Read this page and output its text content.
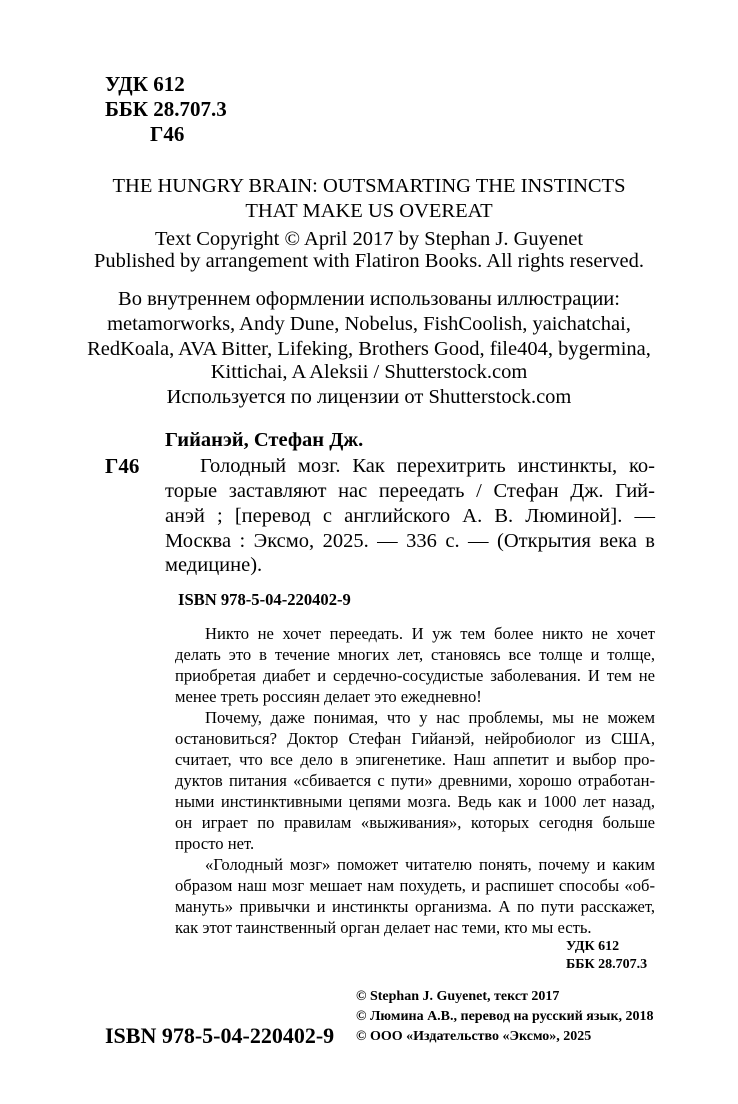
УДК 612
ББК 28.707.3
Г46
THE HUNGRY BRAIN: OUTSMARTING THE INSTINCTS
THAT MAKE US OVEREAT
Text Copyright © April 2017 by Stephan J. Guyenet
Published by arrangement with Flatiron Books. All rights reserved.
Во внутреннем оформлении использованы иллюстрации:
metamorworks, Andy Dune, Nobelus, FishCoolish, yaichatchai,
RedKoala, AVA Bitter, Lifeking, Brothers Good, file404, bygermina,
Kittichai, A Aleksii / Shutterstock.com
Используется по лицензии от Shutterstock.com
Гийанэй, Стефан Дж.
Г46	Голодный мозг. Как перехитрить инстинкты, ко-
торые заставляют нас переедать / Стефан Дж. Гий-
анэй ; [перевод с английского А. В. Люминой]. —
Москва : Эксмо, 2025. — 336 с. — (Открытия века в
медицине).
ISBN 978-5-04-220402-9
Никто не хочет переедать. И уж тем более никто не хочет
делать это в течение многих лет, становясь все толще и толще,
приобретая диабет и сердечно-сосудистые заболевания. И тем не
менее треть россиян делает это ежедневно!
Почему, даже понимая, что у нас проблемы, мы не можем
остановиться? Доктор Стефан Гийанэй, нейробиолог из США,
считает, что все дело в эпигенетике. Наш аппетит и выбор про-
дуктов питания «сбивается с пути» древними, хорошо отработан-
ными инстинктивными цепями мозга. Ведь как и 1000 лет назад,
он играет по правилам «выживания», которых сегодня больше
просто нет.
«Голодный мозг» поможет читателю понять, почему и каким
образом наш мозг мешает нам похудеть, и распишет способы «об-
мануть» привычки и инстинкты организма. А по пути расскажет,
как этот таинственный орган делает нас теми, кто мы есть.
УДК 612
ББК 28.707.3
© Stephan J. Guyenet, текст 2017
© Люмина А.В., перевод на русский язык, 2018
© ООО «Издательство «Эксмо», 2025
ISBN 978-5-04-220402-9
